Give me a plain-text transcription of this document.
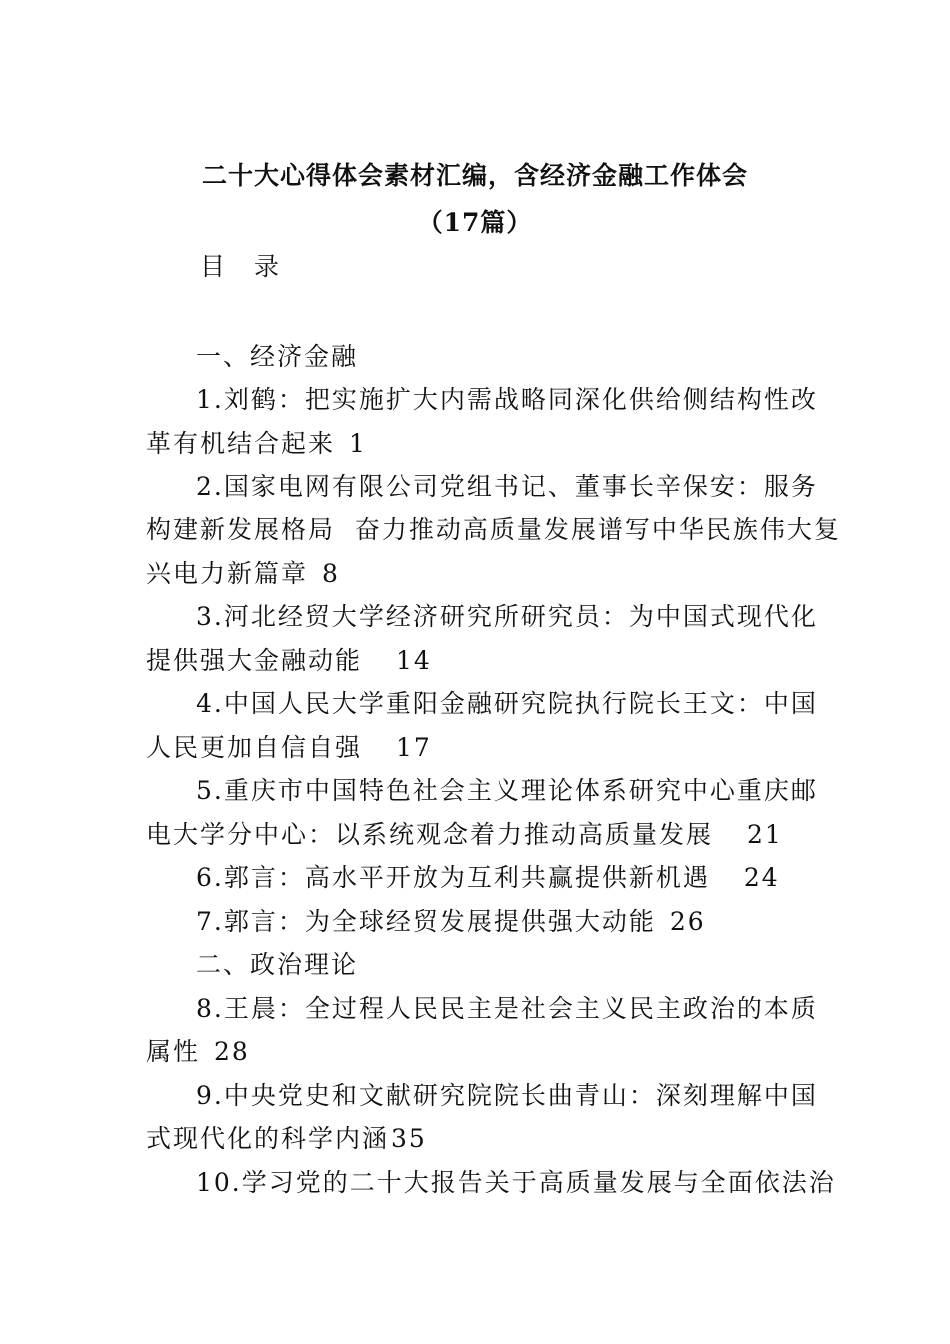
二十大心得体会素材汇编，含经济金融工作体会
（17篇）
目　录
一、经济金融
1.刘鹤：把实施扩大内需战略同深化供给侧结构性改
革有机结合起来 1
2.国家电网有限公司党组书记、董事长辛保安：服务
构建新发展格局  奋力推动高质量发展谱写中华民族伟大复
兴电力新篇章 8
3.河北经贸大学经济研究所研究员：为中国式现代化
提供强大金融动能 14
4.中国人民大学重阳金融研究院执行院长王文：中国
人民更加自信自强 17
5.重庆市中国特色社会主义理论体系研究中心重庆邮
电大学分中心：以系统观念着力推动高质量发展 21
6.郭言：高水平开放为互利共赢提供新机遇 24
7.郭言：为全球经贸发展提供强大动能 26
二、政治理论
8.王晨：全过程人民民主是社会主义民主政治的本质
属性 28
9.中央党史和文献研究院院长曲青山：深刻理解中国
式现代化的科学内涵35
10.学习党的二十大报告关于高质量发展与全面依法治
